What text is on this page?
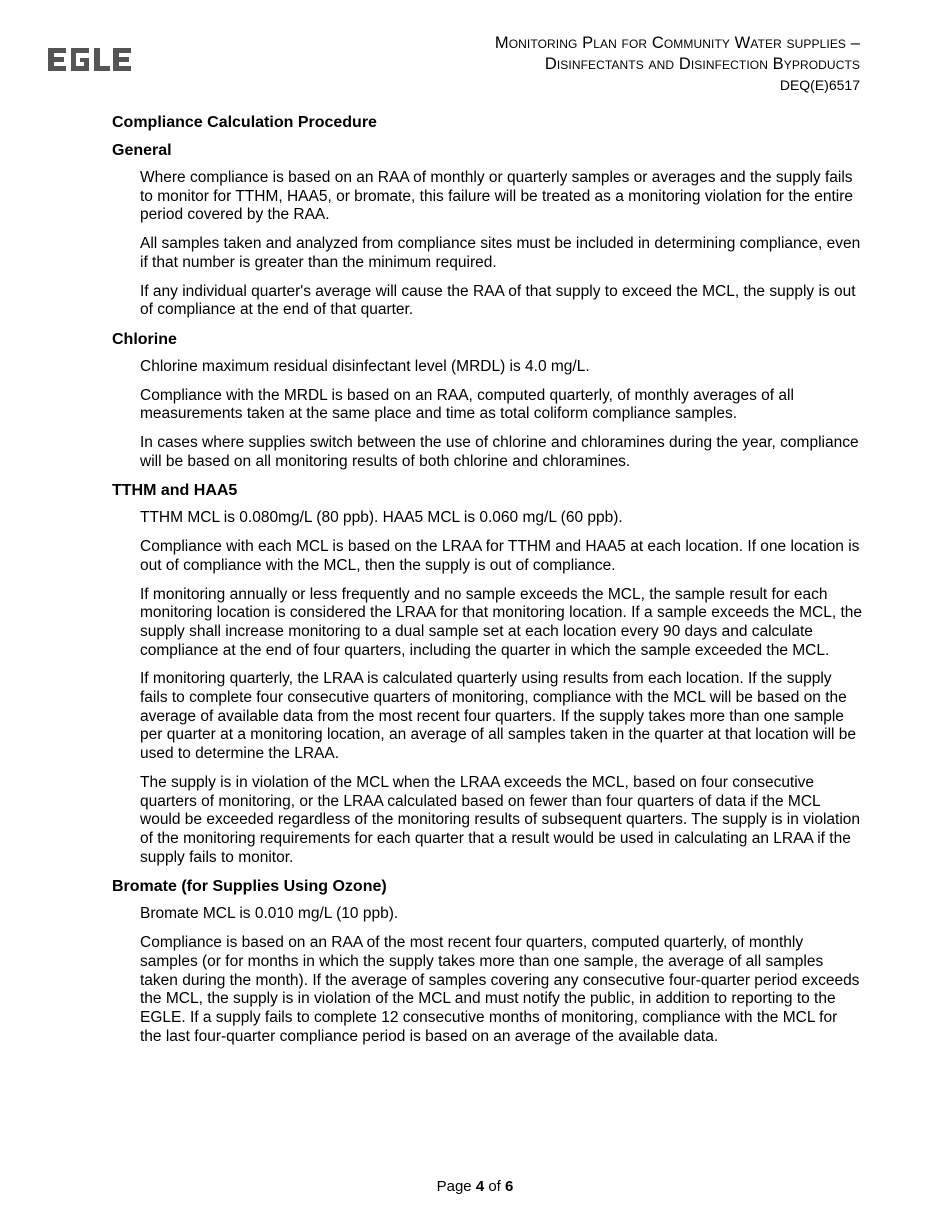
Monitoring Plan for Community Water supplies –
Disinfectants and Disinfection Byproducts
DEQ(E)6517
Compliance Calculation Procedure
General

Where compliance is based on an RAA of monthly or quarterly samples or averages and the supply fails to monitor for TTHM, HAA5, or bromate, this failure will be treated as a monitoring violation for the entire period covered by the RAA.

All samples taken and analyzed from compliance sites must be included in determining compliance, even if that number is greater than the minimum required.

If any individual quarter's average will cause the RAA of that supply to exceed the MCL, the supply is out of compliance at the end of that quarter.

Chlorine

Chlorine maximum residual disinfectant level (MRDL) is 4.0 mg/L.

Compliance with the MRDL is based on an RAA, computed quarterly, of monthly averages of all measurements taken at the same place and time as total coliform compliance samples.

In cases where supplies switch between the use of chlorine and chloramines during the year, compliance will be based on all monitoring results of both chlorine and chloramines.

TTHM and HAA5

TTHM MCL is 0.080mg/L (80 ppb). HAA5 MCL is 0.060 mg/L (60 ppb).

Compliance with each MCL is based on the LRAA for TTHM and HAA5 at each location. If one location is out of compliance with the MCL, then the supply is out of compliance.

If monitoring annually or less frequently and no sample exceeds the MCL, the sample result for each monitoring location is considered the LRAA for that monitoring location. If a sample exceeds the MCL, the supply shall increase monitoring to a dual sample set at each location every 90 days and calculate compliance at the end of four quarters, including the quarter in which the sample exceeded the MCL.

If monitoring quarterly, the LRAA is calculated quarterly using results from each location. If the supply fails to complete four consecutive quarters of monitoring, compliance with the MCL will be based on the average of available data from the most recent four quarters. If the supply takes more than one sample per quarter at a monitoring location, an average of all samples taken in the quarter at that location will be used to determine the LRAA.

The supply is in violation of the MCL when the LRAA exceeds the MCL, based on four consecutive quarters of monitoring, or the LRAA calculated based on fewer than four quarters of data if the MCL would be exceeded regardless of the monitoring results of subsequent quarters. The supply is in violation of the monitoring requirements for each quarter that a result would be used in calculating an LRAA if the supply fails to monitor.

Bromate (for Supplies Using Ozone)

Bromate MCL is 0.010 mg/L (10 ppb).

Compliance is based on an RAA of the most recent four quarters, computed quarterly, of monthly samples (or for months in which the supply takes more than one sample, the average of all samples taken during the month). If the average of samples covering any consecutive four-quarter period exceeds the MCL, the supply is in violation of the MCL and must notify the public, in addition to reporting to the EGLE. If a supply fails to complete 12 consecutive months of monitoring, compliance with the MCL for the last four-quarter compliance period is based on an average of the available data.

Page 4 of 6
